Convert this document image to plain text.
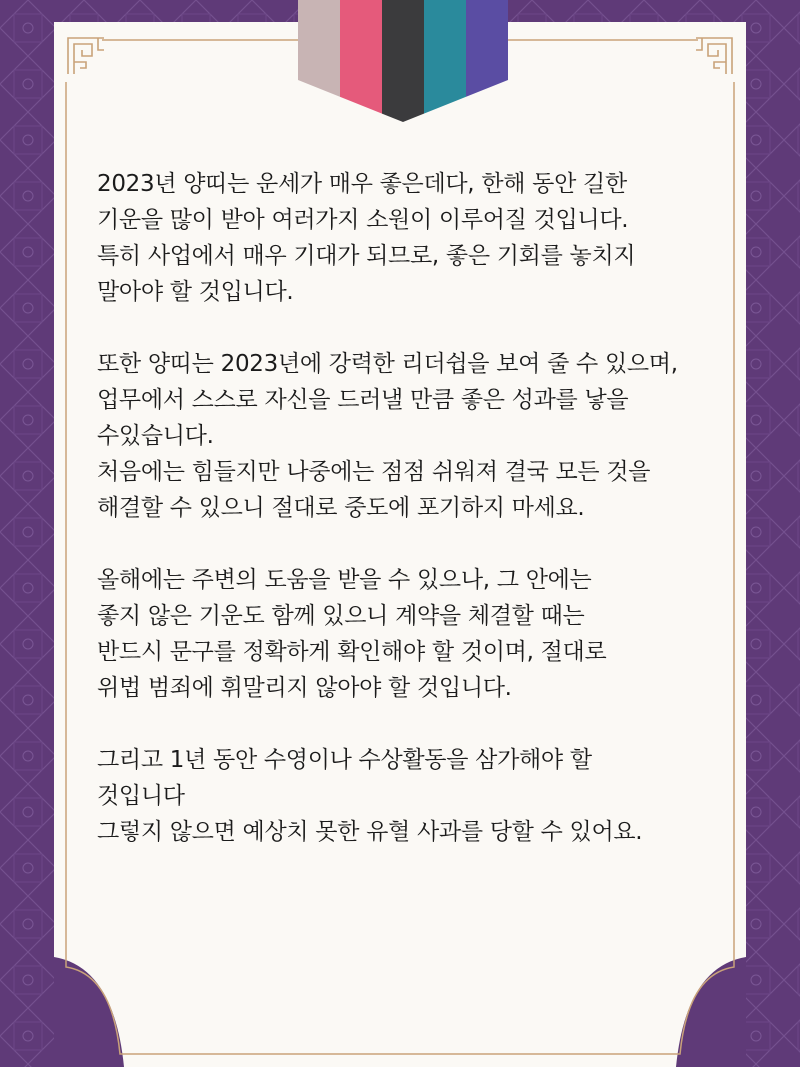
2023년 양띠는 운세가 매우 좋은데다, 한해 동안 길한
기운을 많이 받아 여러가지 소원이 이루어질 것입니다.
특히 사업에서 매우 기대가 되므로, 좋은 기회를 놓치지
말아야 할 것입니다.

또한 양띠는 2023년에 강력한 리더쉽을 보여 줄 수 있으며,
업무에서 스스로 자신을 드러낼 만큼 좋은 성과를 낳을
수있습니다.
처음에는 힘들지만 나중에는 점점 쉬워져 결국 모든 것을
해결할 수 있으니 절대로 중도에 포기하지 마세요.

올해에는 주변의 도움을 받을 수 있으나, 그 안에는
좋지 않은 기운도 함께 있으니 계약을 체결할 때는
반드시 문구를 정확하게 확인해야 할 것이며, 절대로
위법 범죄에 휘말리지 않아야 할 것입니다.

그리고 1년 동안 수영이나 수상활동을 삼가해야 할
것입니다
그렇지 않으면 예상치 못한 유혈 사과를 당할 수 있어요.
